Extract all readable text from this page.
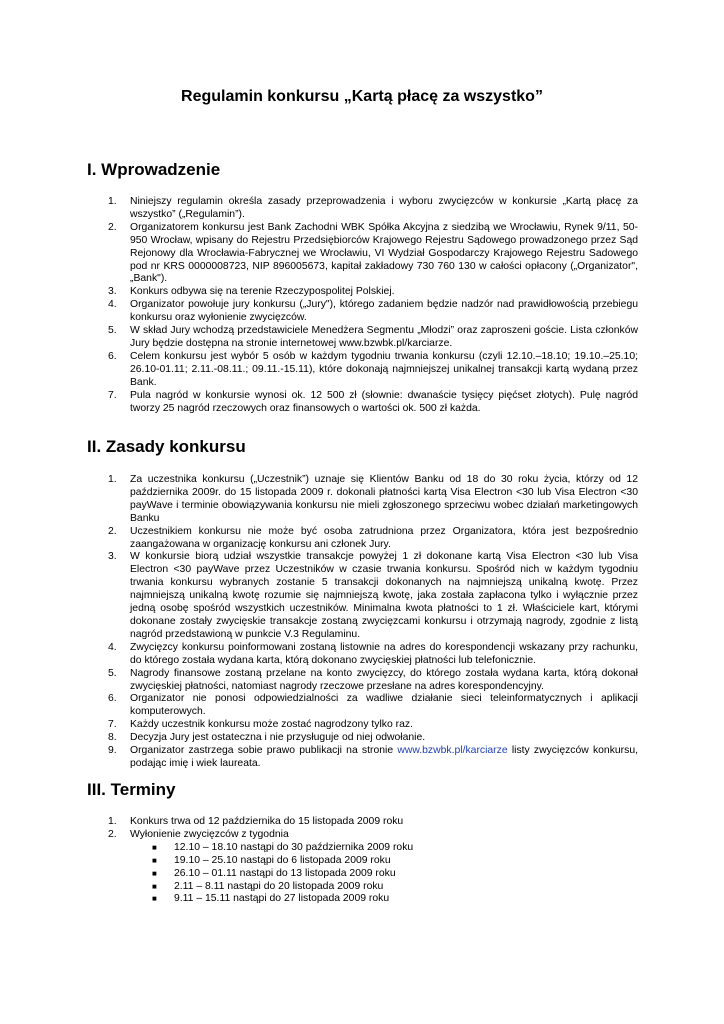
Regulamin konkursu „Kartą płacę za wszystko”
I. Wprowadzenie
1. Niniejszy regulamin określa zasady przeprowadzenia i wyboru zwycięzców w konkursie „Kartą płacę za wszystko” („Regulamin”).
2. Organizatorem konkursu jest Bank Zachodni WBK Spółka Akcyjna z siedzibą we Wrocławiu, Rynek 9/11, 50-950 Wrocław, wpisany do Rejestru Przedsiębiorców Krajowego Rejestru Sądowego prowadzonego przez Sąd Rejonowy dla Wrocławia-Fabrycznej we Wrocławiu, VI Wydział Gospodarczy Krajowego Rejestru Sadowego pod nr KRS 0000008723, NIP 896005673, kapitał zakładowy 730 760 130 w całości opłacony („Organizator", „Bank").
3. Konkurs odbywa się na terenie Rzeczypospolitej Polskiej.
4. Organizator powołuje jury konkursu („Jury"), którego zadaniem będzie nadzór nad prawidłowością przebiegu konkursu oraz wyłonienie zwycięzców.
5. W skład Jury wchodzą przedstawiciele Menedżera Segmentu „Młodzi” oraz zaproszeni goście. Lista członków Jury będzie dostępna na stronie internetowej www.bzwbk.pl/karciarze.
6. Celem konkursu jest wybór 5 osób w każdym tygodniu trwania konkursu (czyli 12.10.–18.10; 19.10.–25.10; 26.10-01.11; 2.11.-08.11.; 09.11.-15.11), które dokonają najmniejszej unikalnej transakcji kartą wydaną przez Bank.
7. Pula nagród w konkursie wynosi ok. 12 500 zł (słownie: dwanaście tysięcy pięćset złotych). Pulę nagród tworzy 25 nagród rzeczowych oraz finansowych o wartości ok. 500 zł każda.
II. Zasady konkursu
1. Za uczestnika konkursu („Uczestnik”) uznaje się Klientów Banku od 18 do 30 roku życia, którzy od 12 października 2009r. do 15 listopada 2009 r. dokonali płatności kartą Visa Electron <30 lub Visa Electron <30 payWave i terminie obowiązywania konkursu nie mieli zgłoszonego sprzeciwu wobec działań marketingowych Banku
2. Uczestnikiem konkursu nie może być osoba zatrudniona przez Organizatora, która jest bezpośrednio zaangażowana w organizację konkursu ani członek Jury.
3. W konkursie biorą udział wszystkie transakcje powyżej 1 zł dokonane kartą Visa Electron <30 lub Visa Electron <30 payWave przez Uczestników w czasie trwania konkursu. Spośród nich w każdym tygodniu trwania konkursu wybranych zostanie 5 transakcji dokonanych na najmniejszą unikalną kwotę. Przez najmniejszą unikalną kwotę rozumie się najmniejszą kwotę, jaka została zapłacona tylko i wyłącznie przez jedną osobę spośród wszystkich uczestników. Minimalna kwota płatności to 1 zł. Właściciele kart, którymi dokonane zostały zwycięskie transakcje zostaną zwycięzcami konkursu i otrzymają nagrody, zgodnie z listą nagród przedstawioną w punkcie V.3 Regulaminu.
4. Zwycięzcy konkursu poinformowani zostaną listownie na adres do korespondencji wskazany przy rachunku, do którego została wydana karta, którą dokonano zwycięskiej płatności lub telefonicznie.
5. Nagrody finansowe zostaną przelane na konto zwycięzcy, do którego została wydana karta, którą dokonał zwycięskiej płatności, natomiast nagrody rzeczowe przesłane na adres korespondencyjny.
6. Organizator nie ponosi odpowiedzialności za wadliwe działanie sieci teleinformatycznych i aplikacji komputerowych.
7. Każdy uczestnik konkursu może zostać nagrodzony tylko raz.
8. Decyzja Jury jest ostateczna i nie przysługuje od niej odwołanie.
9. Organizator zastrzega sobie prawo publikacji na stronie www.bzwbk.pl/karciarze listy zwycięzców konkursu, podając imię i wiek laureata.
III. Terminy
1. Konkurs trwa od 12 października do 15 listopada 2009 roku
2. Wyłonienie zwycięzców z tygodnia
■ 12.10 – 18.10 nastąpi do 30 października 2009 roku
■ 19.10 – 25.10 nastąpi do 6 listopada 2009 roku
■ 26.10 – 01.11 nastąpi do 13 listopada 2009 roku
■ 2.11 – 8.11 nastąpi do 20 listopada 2009 roku
■ 9.11 – 15.11 nastąpi do 27 listopada 2009 roku
